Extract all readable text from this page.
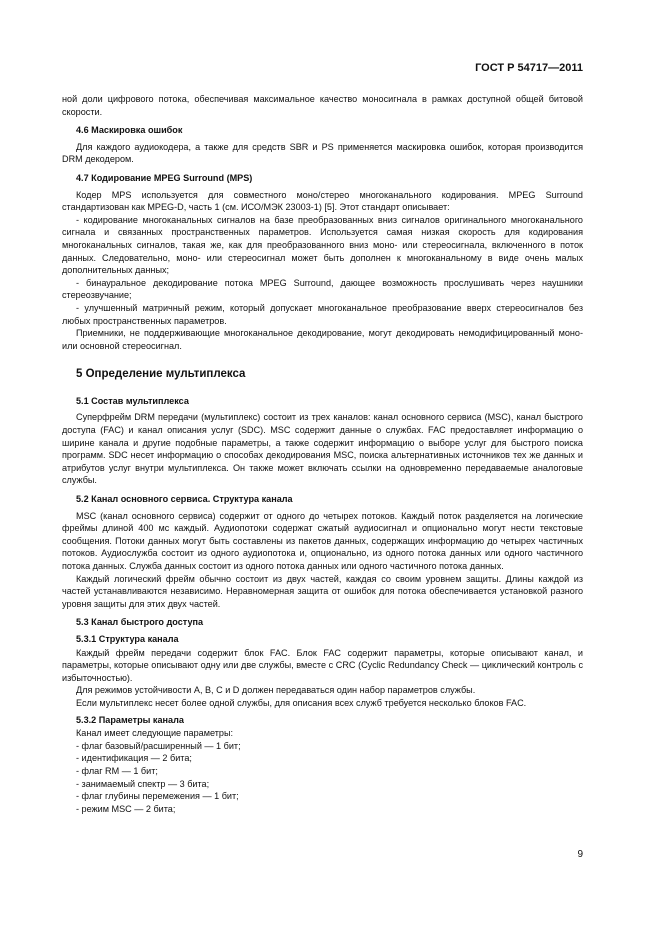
ГОСТ Р 54717—2011

ной доли цифрового потока, обеспечивая максимальное качество моносигнала в рамках доступной общей битовой скорости.

4.6 Маскировка ошибок

Для каждого аудиокодера, а также для средств SBR и PS применяется маскировка ошибок, которая производится DRM декодером.

4.7 Кодирование MPEG Surround (MPS)

Кодер MPS используется для совместного моно/стерео многоканального кодирования. MPEG Surround стандартизован как MPEG-D, часть 1 (см. ИСО/МЭК 23003-1) [5]. Этот стандарт описывает:

- кодирование многоканальных сигналов на базе преобразованных вниз сигналов оригинального многоканального сигнала и связанных пространственных параметров. Используется самая низкая скорость для кодирования многоканальных сигналов, такая же, как для преобразованного вниз моно- или стереосигнала, включенного в поток данных. Следовательно, моно- или стереосигнал может быть дополнен к многоканальному в виде очень малых дополнительных данных;

- бинауральное декодирование потока MPEG Surround, дающее возможность прослушивать через наушники стереозвучание;

- улучшенный матричный режим, который допускает многоканальное преобразование вверх стереосигналов без любых пространственных параметров.

Приемники, не поддерживающие многоканальное декодирование, могут декодировать немодифицированный моно- или основной стереосигнал.

5 Определение мультиплекса

5.1 Состав мультиплекса

Суперфрейм DRM передачи (мультиплекс) состоит из трех каналов: канал основного сервиса (MSC), канал быстрого доступа (FAC) и канал описания услуг (SDC). MSC содержит данные о службах. FAC предоставляет информацию о ширине канала и другие подобные параметры, а также содержит информацию о выборе услуг для быстрого поиска программ. SDC несет информацию о способах декодирования MSC, поиска альтернативных источников тех же данных и атрибутов услуг внутри мультиплекса. Он также может включать ссылки на одновременно передаваемые аналоговые службы.

5.2 Канал основного сервиса. Структура канала

MSC (канал основного сервиса) содержит от одного до четырех потоков. Каждый поток разделяется на логические фреймы длиной 400 мс каждый. Аудиопотоки содержат сжатый аудиосигнал и опционально могут нести текстовые сообщения. Потоки данных могут быть составлены из пакетов данных, содержащих информацию до четырех частичных потоков. Аудиослужба состоит из одного аудиопотока и, опционально, из одного потока данных или одного частичного потока данных. Служба данных состоит из одного потока данных или одного частичного потока данных.

Каждый логический фрейм обычно состоит из двух частей, каждая со своим уровнем защиты. Длины каждой из частей устанавливаются независимо. Неравномерная защита от ошибок для потока обеспечивается установкой разного уровня защиты для этих двух частей.

5.3 Канал быстрого доступа

5.3.1 Структура канала

Каждый фрейм передачи содержит блок FAC. Блок FAC содержит параметры, которые описывают канал, и параметры, которые описывают одну или две службы, вместе с CRC (Cyclic Redundancy Check — циклический контроль с избыточностью).

Для режимов устойчивости А, В, С и D должен передаваться один набор параметров службы.

Если мультиплекс несет более одной службы, для описания всех служб требуется несколько блоков FAC.

5.3.2 Параметры канала

Канал имеет следующие параметры:

- флаг базовый/расширенный — 1 бит;

- идентификация — 2 бита;

- флаг RM — 1 бит;

- занимаемый спектр — 3 бита;

- флаг глубины перемежения — 1 бит;

- режим MSC — 2 бита;

9
